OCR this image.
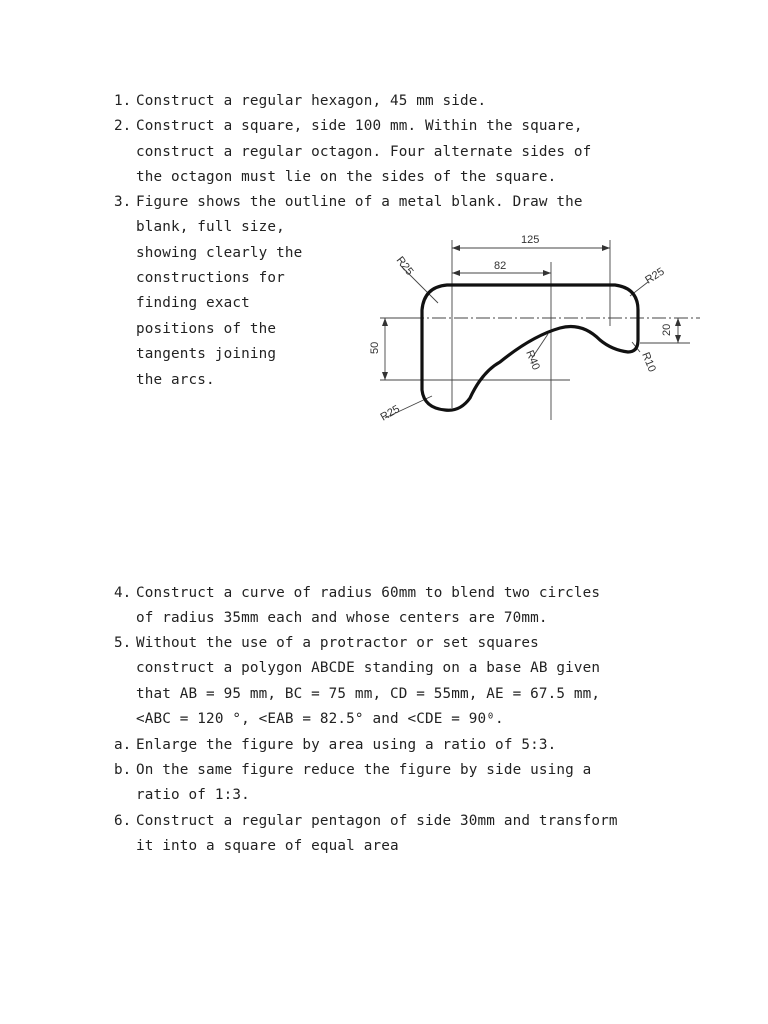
1. Construct a regular hexagon, 45 mm side.
2. Construct a square, side 100 mm. Within the square,
construct a regular octagon. Four alternate sides of
the octagon must lie on the sides of the square.
3. Figure shows the outline of a metal blank. Draw the
blank, full size,
showing clearly the
constructions for
finding exact
positions of the
tangents joining
the arcs.
125
82
50
20
R25	R25
R25
R40	R10
4. Construct a curve of radius 60mm to blend two circles
of radius 35mm each and whose centers are 70mm.
5. Without the use of a protractor or set squares
construct a polygon ABCDE standing on a base AB given
that AB = 95 mm, BC = 75 mm, CD = 55mm, AE = 67.5 mm,
<ABC = 120 °, <EAB = 82.5° and <CDE = 90⁰.
a. Enlarge the figure by area using a ratio of 5:3.
b. On the same figure reduce the figure by side using a
ratio of 1:3.
6. Construct a regular pentagon of side 30mm and transform
it into a square of equal area
